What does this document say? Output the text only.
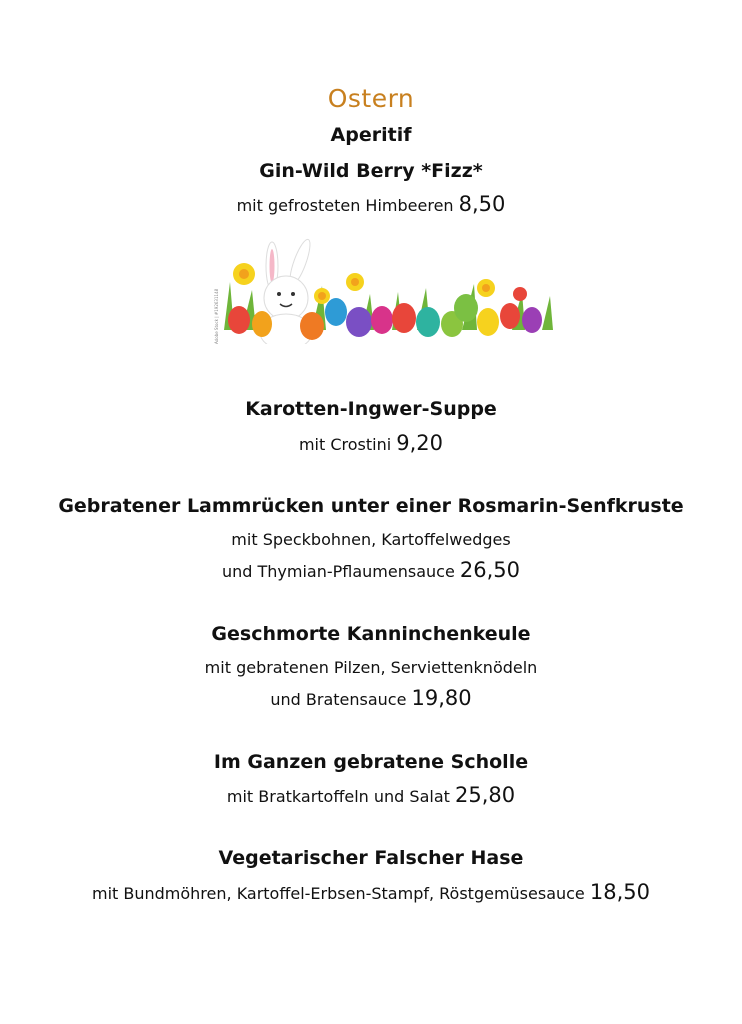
Ostern
Aperitif
Gin-Wild Berry *Fizz*
mit gefrosteten Himbeeren 8,50
Adobe Stock | #192631148
Karotten-Ingwer-Suppe
mit Crostini 9,20
Gebratener Lammrücken unter einer Rosmarin-Senfkruste
mit Speckbohnen, Kartoffelwedges
und Thymian-Pflaumensauce 26,50
Geschmorte Kanninchenkeule
mit gebratenen Pilzen, Serviettenknödeln
und Bratensauce 19,80
Im Ganzen gebratene Scholle
mit Bratkartoffeln und Salat 25,80
Vegetarischer Falscher Hase
mit Bundmöhren, Kartoffel-Erbsen-Stampf, Röstgemüsesauce 18,50
